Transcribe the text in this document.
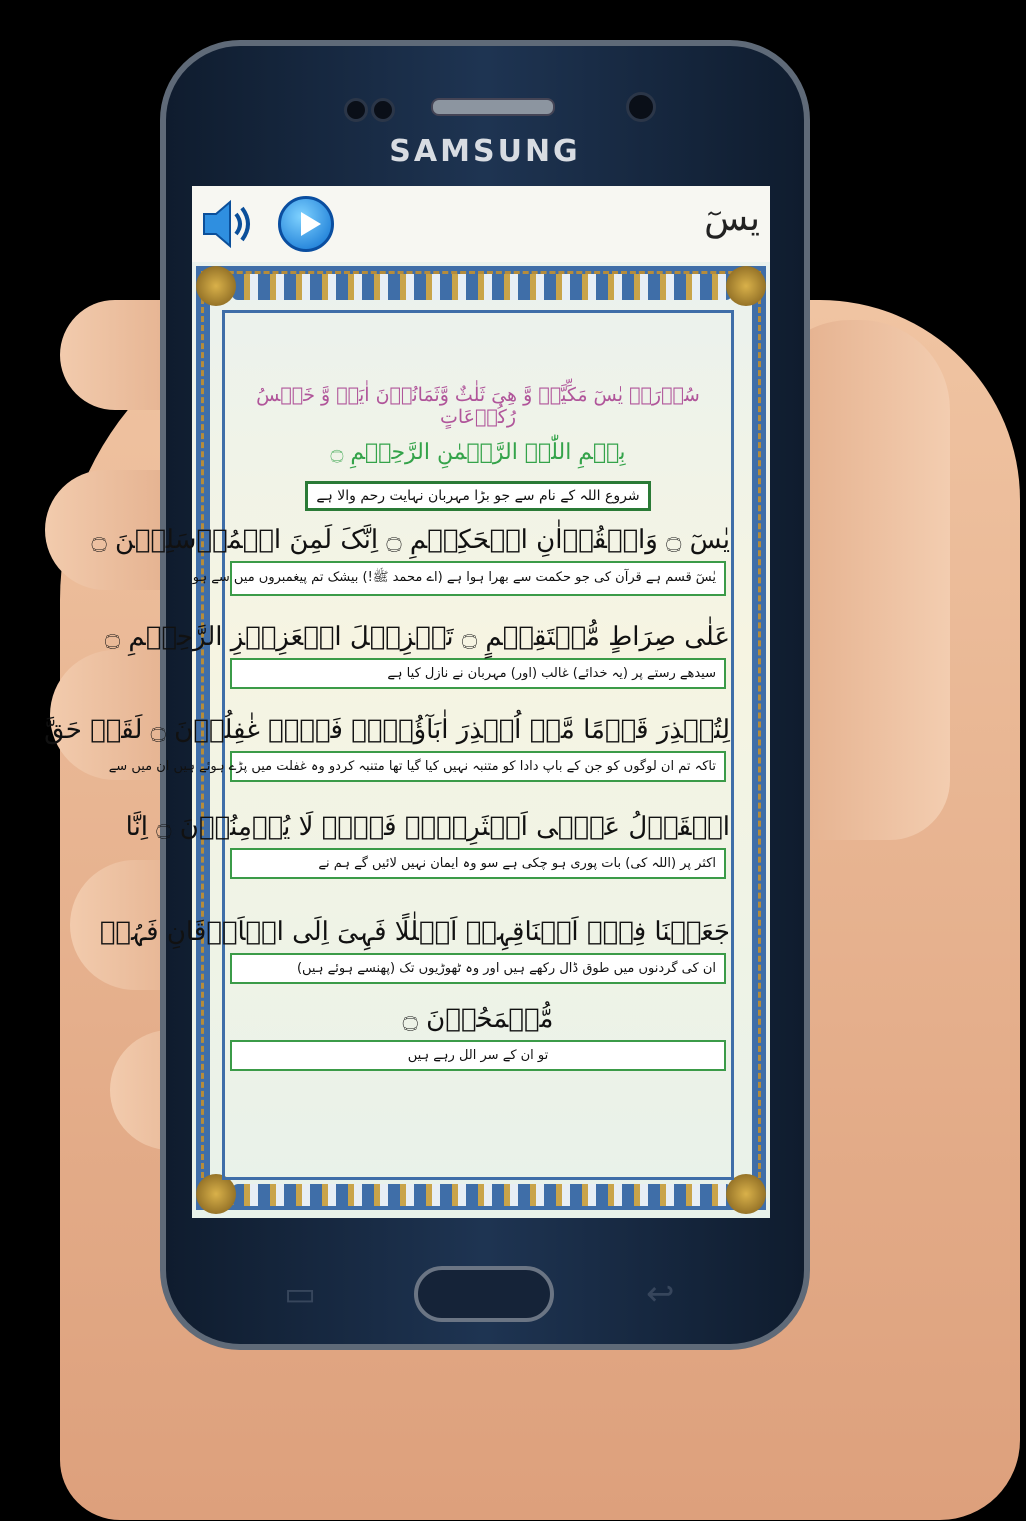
SAMSUNG
▭	↩
یسٓ
سُوۡرَۃُ یٰسٓ مَکِّیَّۃٌ وَّ ھِیَ ثَلٰثٌ وَّثَمَانُوۡنَ اٰیَۃً وَّ خَمۡسُ رُکُوۡعَاتٍ
بِسۡمِ اللّٰہِ الرَّحۡمٰنِ الرَّحِیۡمِ ۝
شروع اللہ کے نام سے جو بڑا مہربان نہایت رحم والا ہے
یٰسٓ ۝ وَالۡقُرۡاٰنِ الۡحَکِیۡمِ ۝ اِنَّکَ لَمِنَ الۡمُرۡسَلِیۡنَ ۝
یٰسٓ قسم ہے قرآن کی جو حکمت سے بھرا ہوا ہے (اے محمد ﷺ!) بیشک تم پیغمبروں میں سے ہو
عَلٰی صِرَاطٍ مُّسۡتَقِیۡمٍ ۝ تَنۡزِیۡلَ الۡعَزِیۡزِ الرَّحِیۡمِ ۝
سیدھے رستے پر (یہ خدائے) غالب (اور) مہربان نے نازل کیا ہے
لِتُنۡذِرَ قَوۡمًا مَّاۤ اُنۡذِرَ اٰبَآؤُہُمۡ فَہُمۡ غٰفِلُوۡنَ ۝ لَقَدۡ حَقَّ
تاکہ تم ان لوگوں کو جن کے باپ دادا کو متنبہ نہیں کیا گیا تھا متنبہ کردو وہ غفلت میں پڑے ہوئے ہیں ان میں سے
الۡقَوۡلُ عَلٰۤی اَکۡثَرِہِمۡ فَہُمۡ لَا یُؤۡمِنُوۡنَ ۝ اِنَّا
اکثر پر (اللہ کی) بات پوری ہو چکی ہے سو وہ ایمان نہیں لائیں گے ہم نے
جَعَلۡنَا فِیۡۤ اَعۡنَاقِہِمۡ اَغۡلٰلًا فَہِیَ اِلَی الۡاَذۡقَانِ فَہُمۡ
ان کی گردنوں میں طوق ڈال رکھے ہیں اور وہ ٹھوڑیوں تک (پھنسے ہوئے ہیں)
مُّقۡمَحُوۡنَ ۝
تو ان کے سر الل رہے ہیں
